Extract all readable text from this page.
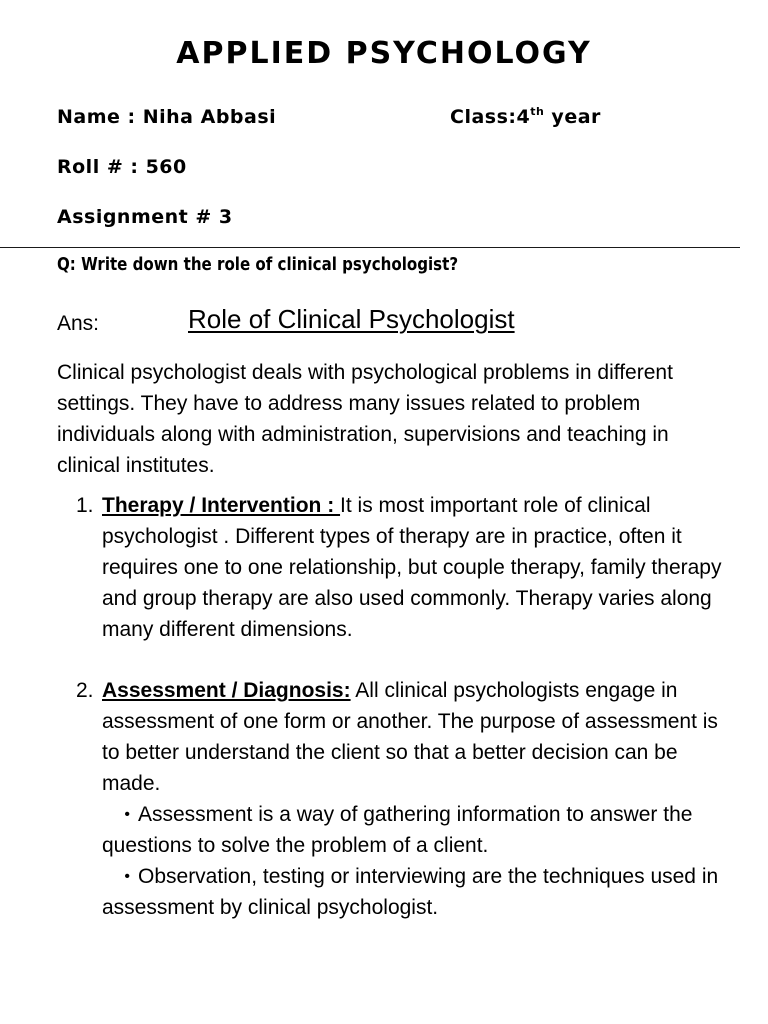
APPLIED PSYCHOLOGY
Name : Niha Abbasi	Class:4th year
Roll # : 560
Assignment # 3
Q: Write down the role of clinical psychologist?
Ans:	Role of Clinical Psychologist

Clinical psychologist deals with psychological problems in different settings. They have to address many issues related to problem individuals along with administration, supervisions and teaching in clinical institutes.

1. Therapy / Intervention : It is most important role of clinical psychologist . Different types of therapy are in practice, often it requires one to one relationship, but couple therapy, family therapy and group therapy are also used commonly. Therapy varies along many different dimensions.
2. Assessment / Diagnosis: All clinical psychologists engage in assessment of one form or another. The purpose of assessment is to better understand the client so that a better decision can be made.
• Assessment is a way of gathering information to answer the questions to solve the problem of a client.
• Observation, testing or interviewing are the techniques used in assessment by clinical psychologist.
